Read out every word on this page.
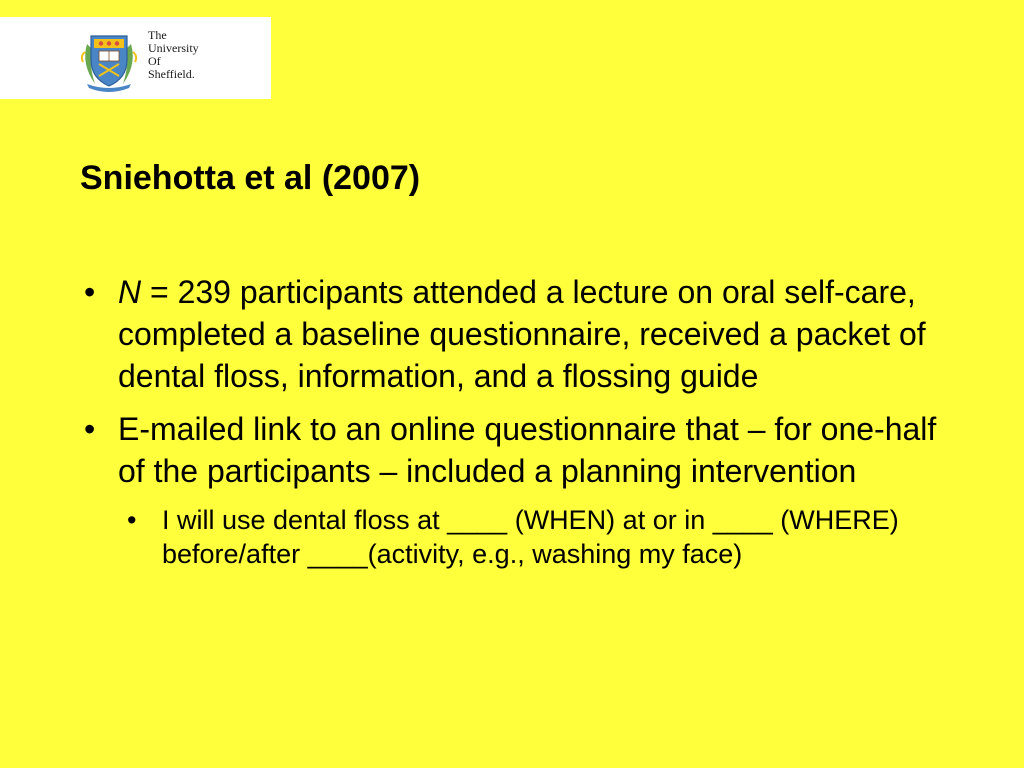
The
University
Of
Sheffield.
Sniehotta et al (2007)
• N = 239 participants attended a lecture on oral self-care, completed a baseline questionnaire, received a packet of dental floss, information, and a flossing guide
• E-mailed link to an online questionnaire that – for one-half of the participants – included a planning intervention
• I will use dental floss at ____ (WHEN) at or in ____ (WHERE) before/after ____(activity, e.g., washing my face)
